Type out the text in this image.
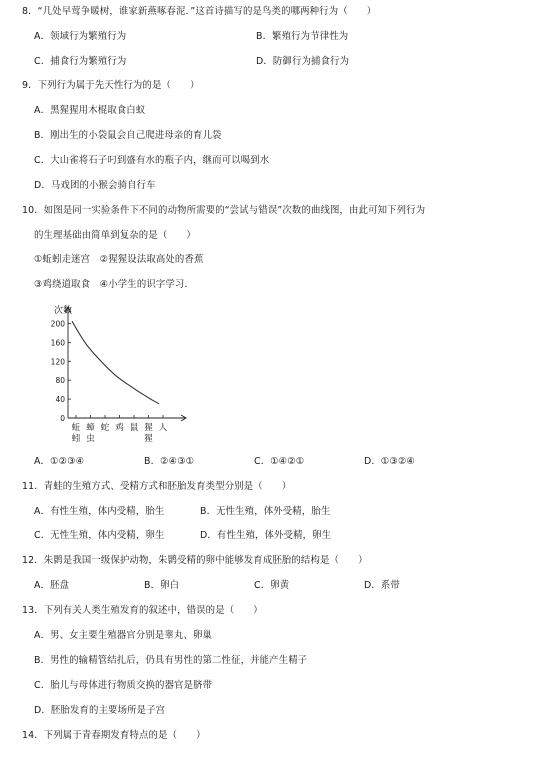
8．“几处早莺争暖树，谁家新燕啄春泥．”这首诗描写的是鸟类的哪两种行为（　　）
A．领域行为繁殖行为	B．繁殖行为节律性为
C．捕食行为繁殖行为	D．防御行为捕食行为
9．下列行为属于先天性行为的是（　　）
A．黑猩猩用木棍取食白蚁
B．刚出生的小袋鼠会自己爬进母亲的育儿袋
C．大山雀将石子叼到盛有水的瓶子内，继而可以喝到水
D．马戏团的小猴会骑自行车
10．如图是同一实验条件下不同的动物所需要的“尝试与错误”次数的曲线图，由此可知下列行为
的生理基础由简单到复杂的是（　　）
①蚯蚓走迷宫　②猩猩设法取高处的香蕉
③鸡绕道取食　④小学生的识字学习．
次数
0
40
80
120
160
200
蚯
蚓
蟑
虫
蛇 鸡 鼠 猩
猩
人
A．①②③④	B．②④③①	C．①④②①	D．①③②④
11．青蛙的生殖方式、受精方式和胚胎发育类型分别是（　　）
A．有性生殖，体内受精，胎生	B．无性生殖，体外受精，胎生
C．无性生殖，体内受精，卵生	D．有性生殖，体外受精，卵生
12．朱鹮是我国一级保护动物，朱鹮受精的卵中能够发育成胚胎的结构是（　　）
A．胚盘	B．卵白	C．卵黄	D．系带
13．下列有关人类生殖发育的叙述中，错误的是（　　）
A．男、女主要生殖器官分别是睾丸、卵巢
B．男性的输精管结扎后，仍具有男性的第二性征，并能产生精子
C．胎儿与母体进行物质交换的器官是脐带
D．胚胎发育的主要场所是子宫
14．下列属于青春期发育特点的是（　　）
